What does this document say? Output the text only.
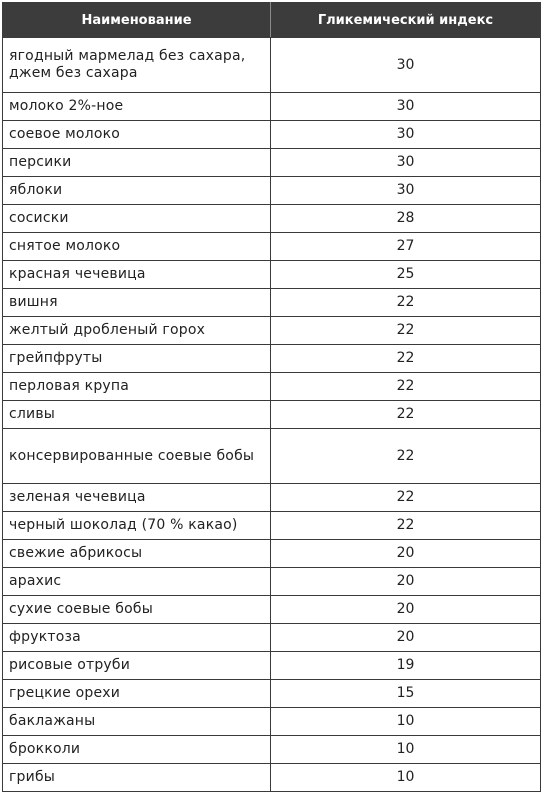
Наименование	Гликемический индекс
ягодный мармелад без сахара, джем без сахара	30
молоко 2%-ное	30
соевое молоко	30
персики	30
яблоки	30
сосиски	28
снятое молоко	27
красная чечевица	25
вишня	22
желтый дробленый горох	22
грейпфруты	22
перловая крупа	22
сливы	22
консервированные соевые бобы	22
зеленая чечевица	22
черный шоколад (70 % какао)	22
свежие абрикосы	20
арахис	20
сухие соевые бобы	20
фруктоза	20
рисовые отруби	19
грецкие орехи	15
баклажаны	10
брокколи	10
грибы	10
